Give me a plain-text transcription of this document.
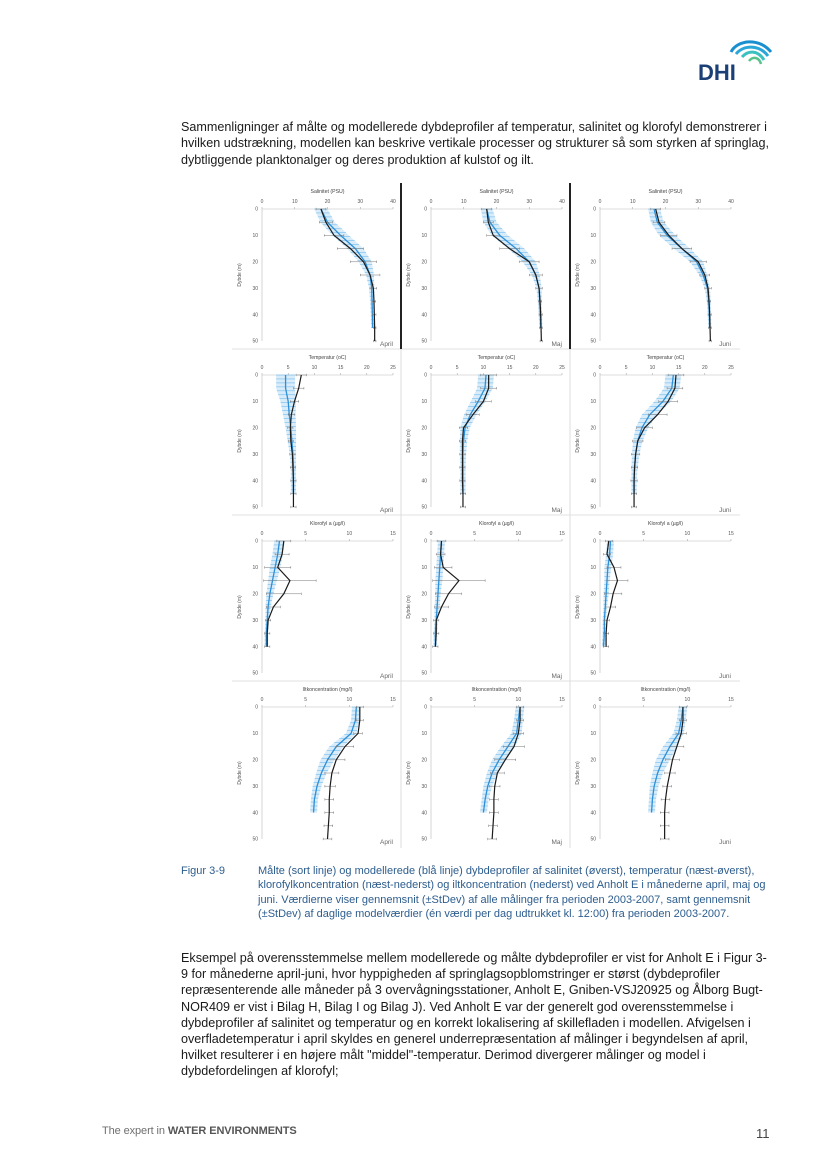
DHI

Sammenligninger af målte og modellerede dybdeprofiler af temperatur, salinitet og klorofyl demonstrerer i hvilken udstrækning, modellen kan beskrive vertikale processer og strukturer så som styrken af springlag, dybtliggende planktonalger og deres produktion af kulstof og ilt.

Salinitet (PSU)
0	10	20	30	40
0
10
20
30
40
50
Dybde (m)
April
Salinitet (PSU)
0	10	20	30	40
0
10
20
30
40
50
Dybde (m)
Maj
Salinitet (PSU)
0	10	20	30	40
0
10
20
30
40
50
Dybde (m)
Juni
Temperatur (oC)
0	5	10	15	20	25
0
10
20
30
40
50
Dybde (m)
April
Temperatur (oC)
0	5	10	15	20	25
0
10
20
30
40
50
Dybde (m)
Maj
Temperatur (oC)
0	5	10	15	20	25
0
10
20
30
40
50
Dybde (m)
Juni
Klorofyl a (µg/l)
0	5	10	15
0
10
20
30
40
50
Dybde (m)
April
Klorofyl a (µg/l)
0	5	10	15
0
10
20
30
40
50
Dybde (m)
Maj
Klorofyl a (µg/l)
0	5	10	15
0
10
20
30
40
50
Dybde (m)
Juni
Iltkoncentration (mg/l)
0	5	10	15
0
10
20
30
40
50
Dybde (m)
April
Iltkoncentration (mg/l)
0	5	10	15
0
10
20
30
40
50
Dybde (m)
Maj
Iltkoncentration (mg/l)
0	5	10	15
0
10
20
30
40
50
Dybde (m)
Juni
Figur 3-9	Målte (sort linje) og modellerede (blå linje) dybdeprofiler af salinitet (øverst), temperatur (næst-øverst), klorofylkoncentration (næst-nederst) og iltkoncentration (nederst) ved Anholt E i månederne april, maj og juni. Værdierne viser gennemsnit (±StDev) af alle målinger fra perioden 2003-2007, samt gennemsnit (±StDev) af daglige modelværdier (én værdi per dag udtrukket kl. 12:00) fra perioden 2003-2007.

Eksempel på overensstemmelse mellem modellerede og målte dybdeprofiler er vist for Anholt E i Figur 3-9 for månederne april-juni, hvor hyppigheden af springlagsopblomstringer er størst (dybdeprofiler repræsenterende alle måneder på 3 overvågningsstationer, Anholt E, Gniben-VSJ20925 og Ålborg Bugt-NOR409 er vist i Bilag H, Bilag I og Bilag J). Ved Anholt E var der generelt god overensstemmelse i dybdeprofiler af salinitet og temperatur og en korrekt lokalisering af skillefladen i modellen. Afvigelsen i overfladetemperatur i april skyldes en generel underrepræsentation af målinger i begyndelsen af april, hvilket resulterer i en højere målt "middel"-temperatur. Derimod divergerer målinger og model i dybdefordelingen af klorofyl;

The expert in WATER ENVIRONMENTS	11
